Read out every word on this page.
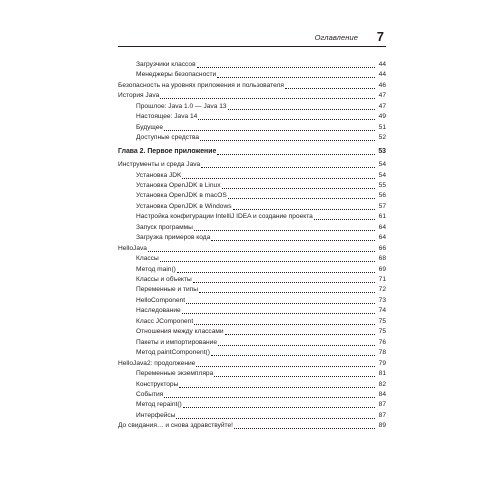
Оглавление 7
Загрузчики классов	44
Менеджеры безопасности	44
Безопасность на уровнях приложения и пользователя	46
История Java	47
Прошлое: Java 1.0 — Java 13	47
Настоящее: Java 14	49
Будущее	51
Доступные средства	52
Глава 2. Первое приложение	53
Инструменты и среда Java	54
Установка JDK	54
Установка OpenJDK в Linux	55
Установка OpenJDK в macOS	56
Установка OpenJDK в Windows	57
Настройка конфигурации IntelliJ IDEA и создание проекта	61
Запуск программы	64
Загрузка примеров кода	64
HelloJava	66
Классы	68
Метод main()	69
Классы и объекты	71
Переменные и типы	72
HelloComponent	73
Наследование	74
Класс JComponent	75
Отношения между классами	75
Пакеты и импортирование	76
Метод paintComponent()	78
HelloJava2: продолжение	79
Переменные экземпляра	81
Конструкторы	82
События	84
Метод repaint()	87
Интерфейсы	87
До свидания… и снова здравствуйте!	89
